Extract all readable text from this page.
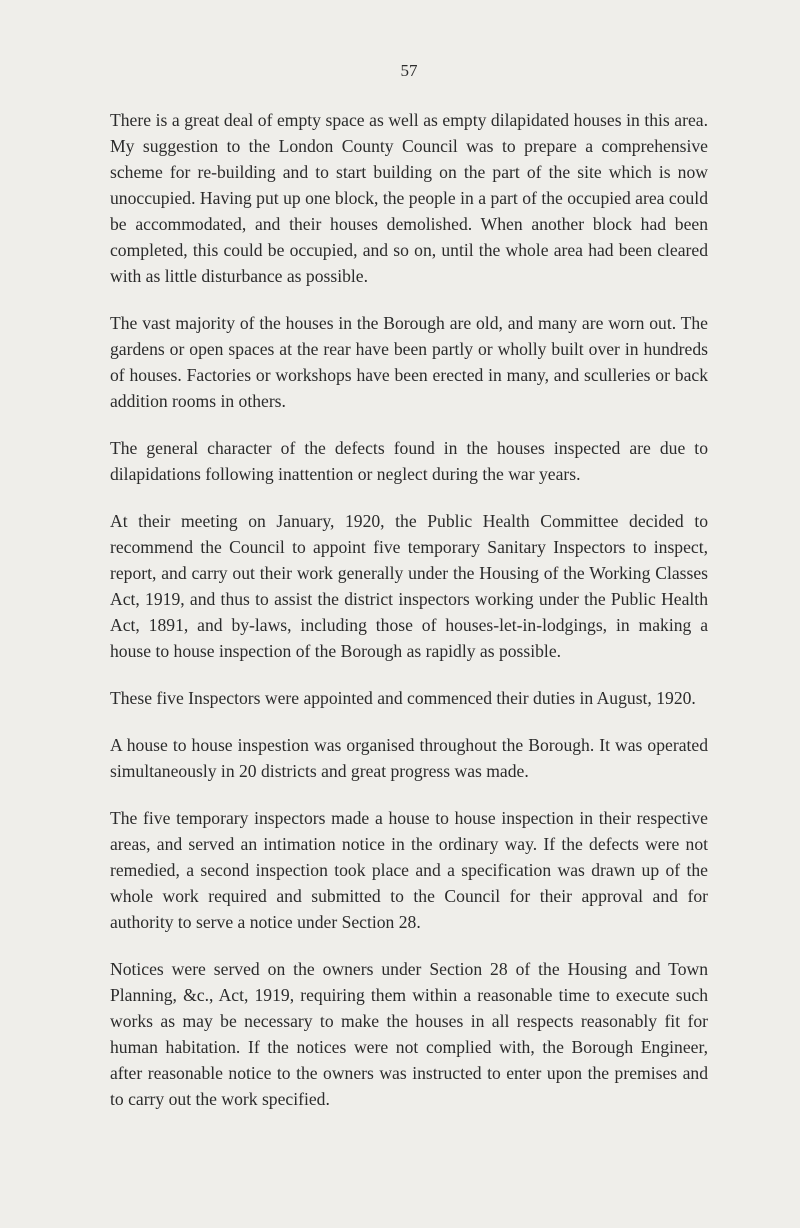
57

There is a great deal of empty space as well as empty dilapidated houses in this area. My suggestion to the London County Council was to prepare a comprehensive scheme for re-building and to start building on the part of the site which is now unoccupied. Having put up one block, the people in a part of the occupied area could be accommodated, and their houses demolished. When another block had been completed, this could be occupied, and so on, until the whole area had been cleared with as little disturbance as possible.

The vast majority of the houses in the Borough are old, and many are worn out. The gardens or open spaces at the rear have been partly or wholly built over in hundreds of houses. Factories or workshops have been erected in many, and sculleries or back addition rooms in others.

The general character of the defects found in the houses inspected are due to dilapidations following inattention or neglect during the war years.

At their meeting on January, 1920, the Public Health Committee decided to recommend the Council to appoint five temporary Sanitary Inspectors to inspect, report, and carry out their work generally under the Housing of the Working Classes Act, 1919, and thus to assist the district inspectors working under the Public Health Act, 1891, and by-laws, including those of houses-let-in-lodgings, in making a house to house inspection of the Borough as rapidly as possible.

These five Inspectors were appointed and commenced their duties in August, 1920.

A house to house inspestion was organised throughout the Borough. It was operated simultaneously in 20 districts and great progress was made.

The five temporary inspectors made a house to house inspection in their respective areas, and served an intimation notice in the ordinary way. If the defects were not remedied, a second inspection took place and a specification was drawn up of the whole work required and submitted to the Council for their approval and for authority to serve a notice under Section 28.

Notices were served on the owners under Section 28 of the Housing and Town Planning, &c., Act, 1919, requiring them within a reasonable time to execute such works as may be necessary to make the houses in all respects reasonably fit for human habitation. If the notices were not complied with, the Borough Engineer, after reasonable notice to the owners was instructed to enter upon the premises and to carry out the work specified.
